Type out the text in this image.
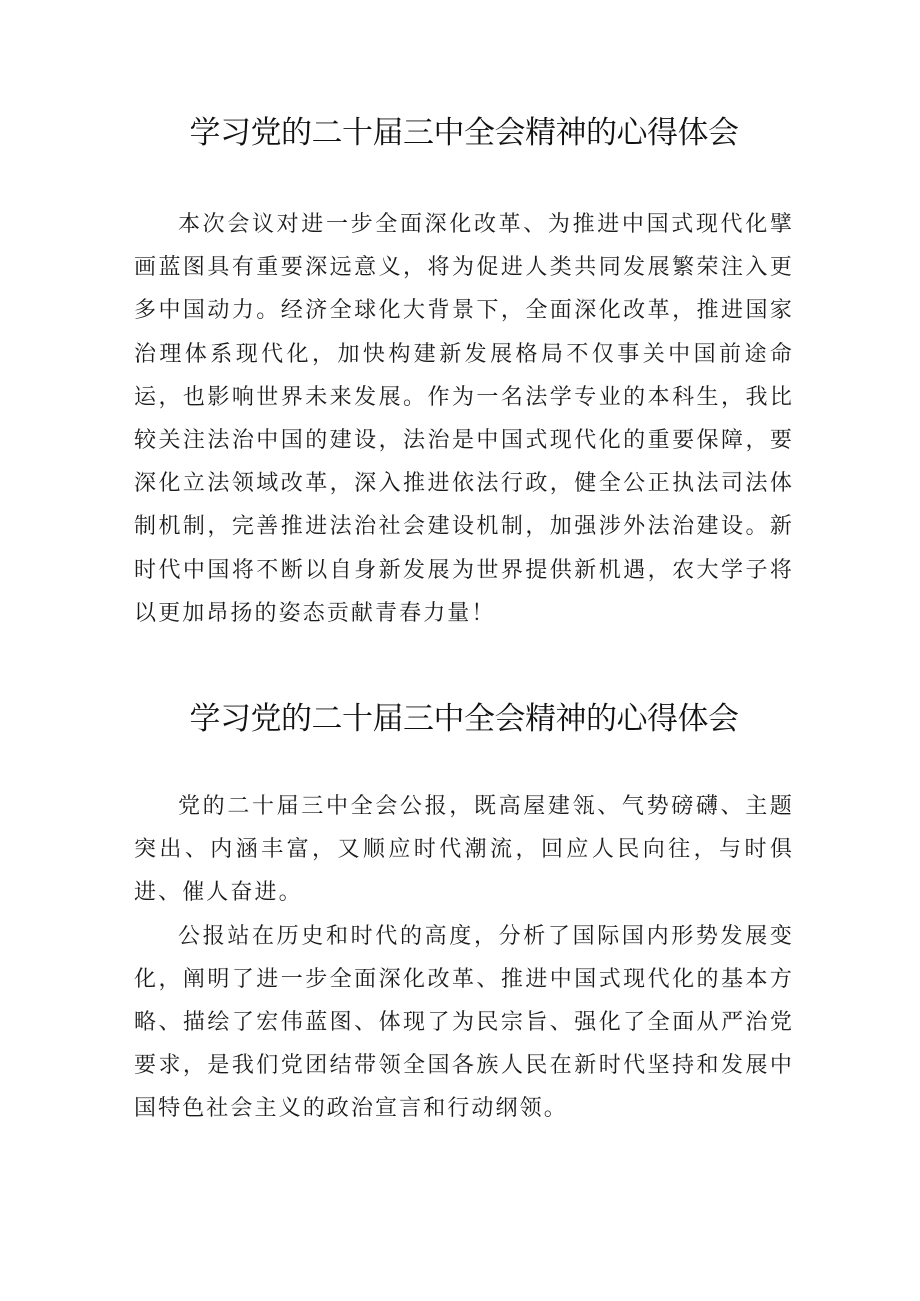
学习党的二十届三中全会精神的心得体会

本次会议对进一步全面深化改革、为推进中国式现代化擘画蓝图具有重要深远意义，将为促进人类共同发展繁荣注入更多中国动力。经济全球化大背景下，全面深化改革，推进国家治理体系现代化，加快构建新发展格局不仅事关中国前途命运，也影响世界未来发展。作为一名法学专业的本科生，我比较关注法治中国的建设，法治是中国式现代化的重要保障，要深化立法领域改革，深入推进依法行政，健全公正执法司法体制机制，完善推进法治社会建设机制，加强涉外法治建设。新时代中国将不断以自身新发展为世界提供新机遇，农大学子将以更加昂扬的姿态贡献青春力量！

学习党的二十届三中全会精神的心得体会

党的二十届三中全会公报，既高屋建瓴、气势磅礴、主题突出、内涵丰富，又顺应时代潮流，回应人民向往，与时俱进、催人奋进。

公报站在历史和时代的高度，分析了国际国内形势发展变化，阐明了进一步全面深化改革、推进中国式现代化的基本方略、描绘了宏伟蓝图、体现了为民宗旨、强化了全面从严治党要求，是我们党团结带领全国各族人民在新时代坚持和发展中国特色社会主义的政治宣言和行动纲领。
